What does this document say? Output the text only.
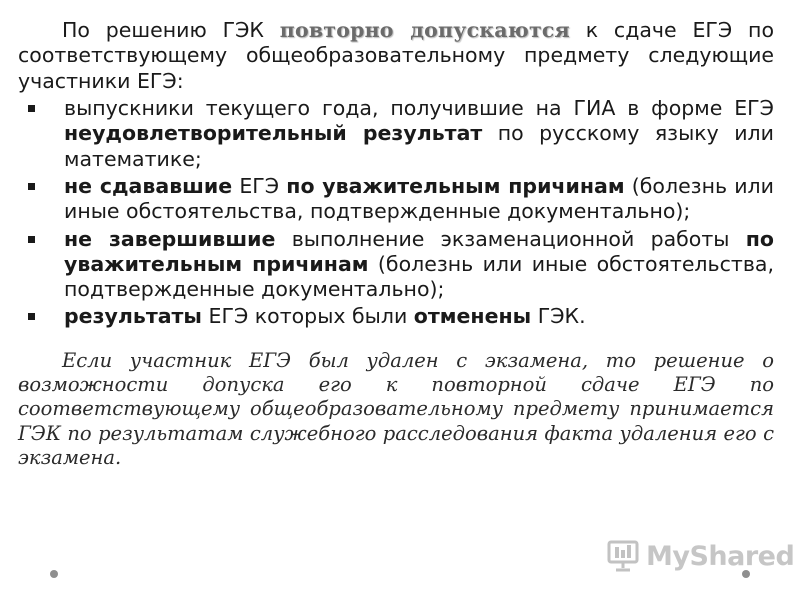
По решению ГЭК повторно допускаются к сдаче ЕГЭ по соответствующему общеобразовательному предмету следующие участники ЕГЭ:

выпускники текущего года, получившие на ГИА в форме ЕГЭ неудовлетворительный результат по русскому языку или математике;
не сдававшие ЕГЭ по уважительным причинам (болезнь или иные обстоятельства, подтвержденные документально);
не завершившие выполнение экзаменационной работы по уважительным причинам (болезнь или иные обстоятельства, подтвержденные документально);
результаты ЕГЭ которых были отменены ГЭК.

Если участник ЕГЭ был удален с экзамена, то решение о возможности допуска его к повторной сдаче ЕГЭ по соответствующему общеобразовательному предмету принимается ГЭК по результатам служебного расследования факта удаления его с экзамена.

MyShared
